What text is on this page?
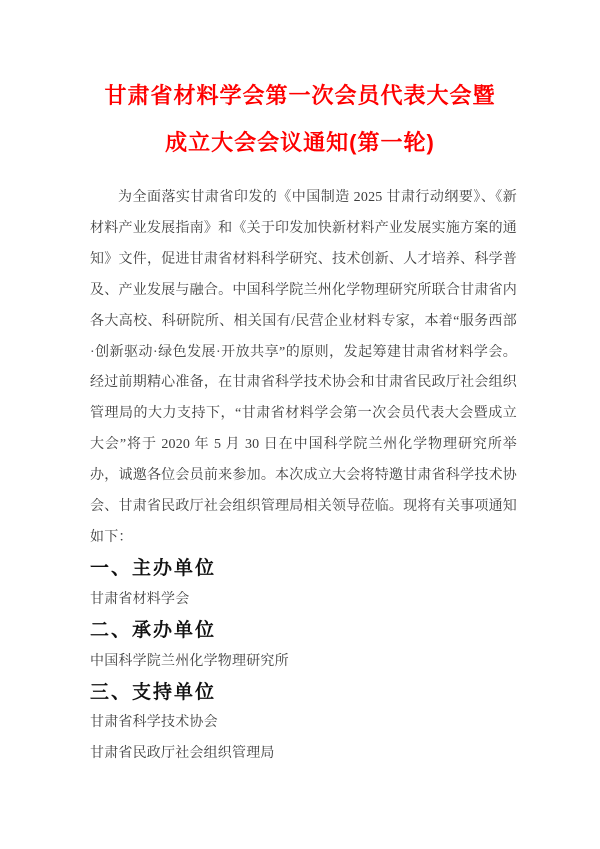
甘肃省材料学会第一次会员代表大会暨
成立大会会议通知(第一轮)

为全面落实甘肃省印发的《中国制造 2025 甘肃行动纲要》、《新材料产业发展指南》和《关于印发加快新材料产业发展实施方案的通知》文件，促进甘肃省材料科学研究、技术创新、人才培养、科学普及、产业发展与融合。中国科学院兰州化学物理研究所联合甘肃省内各大高校、科研院所、相关国有/民营企业材料专家，本着“服务西部·创新驱动·绿色发展·开放共享”的原则，发起筹建甘肃省材料学会。经过前期精心准备，在甘肃省科学技术协会和甘肃省民政厅社会组织管理局的大力支持下，“甘肃省材料学会第一次会员代表大会暨成立大会”将于 2020 年 5 月 30 日在中国科学院兰州化学物理研究所举办，诚邀各位会员前来参加。本次成立大会将特邀甘肃省科学技术协会、甘肃省民政厅社会组织管理局相关领导莅临。现将有关事项通知如下：

一、主办单位
甘肃省材料学会
二、承办单位
中国科学院兰州化学物理研究所
三、支持单位
甘肃省科学技术协会
甘肃省民政厅社会组织管理局
